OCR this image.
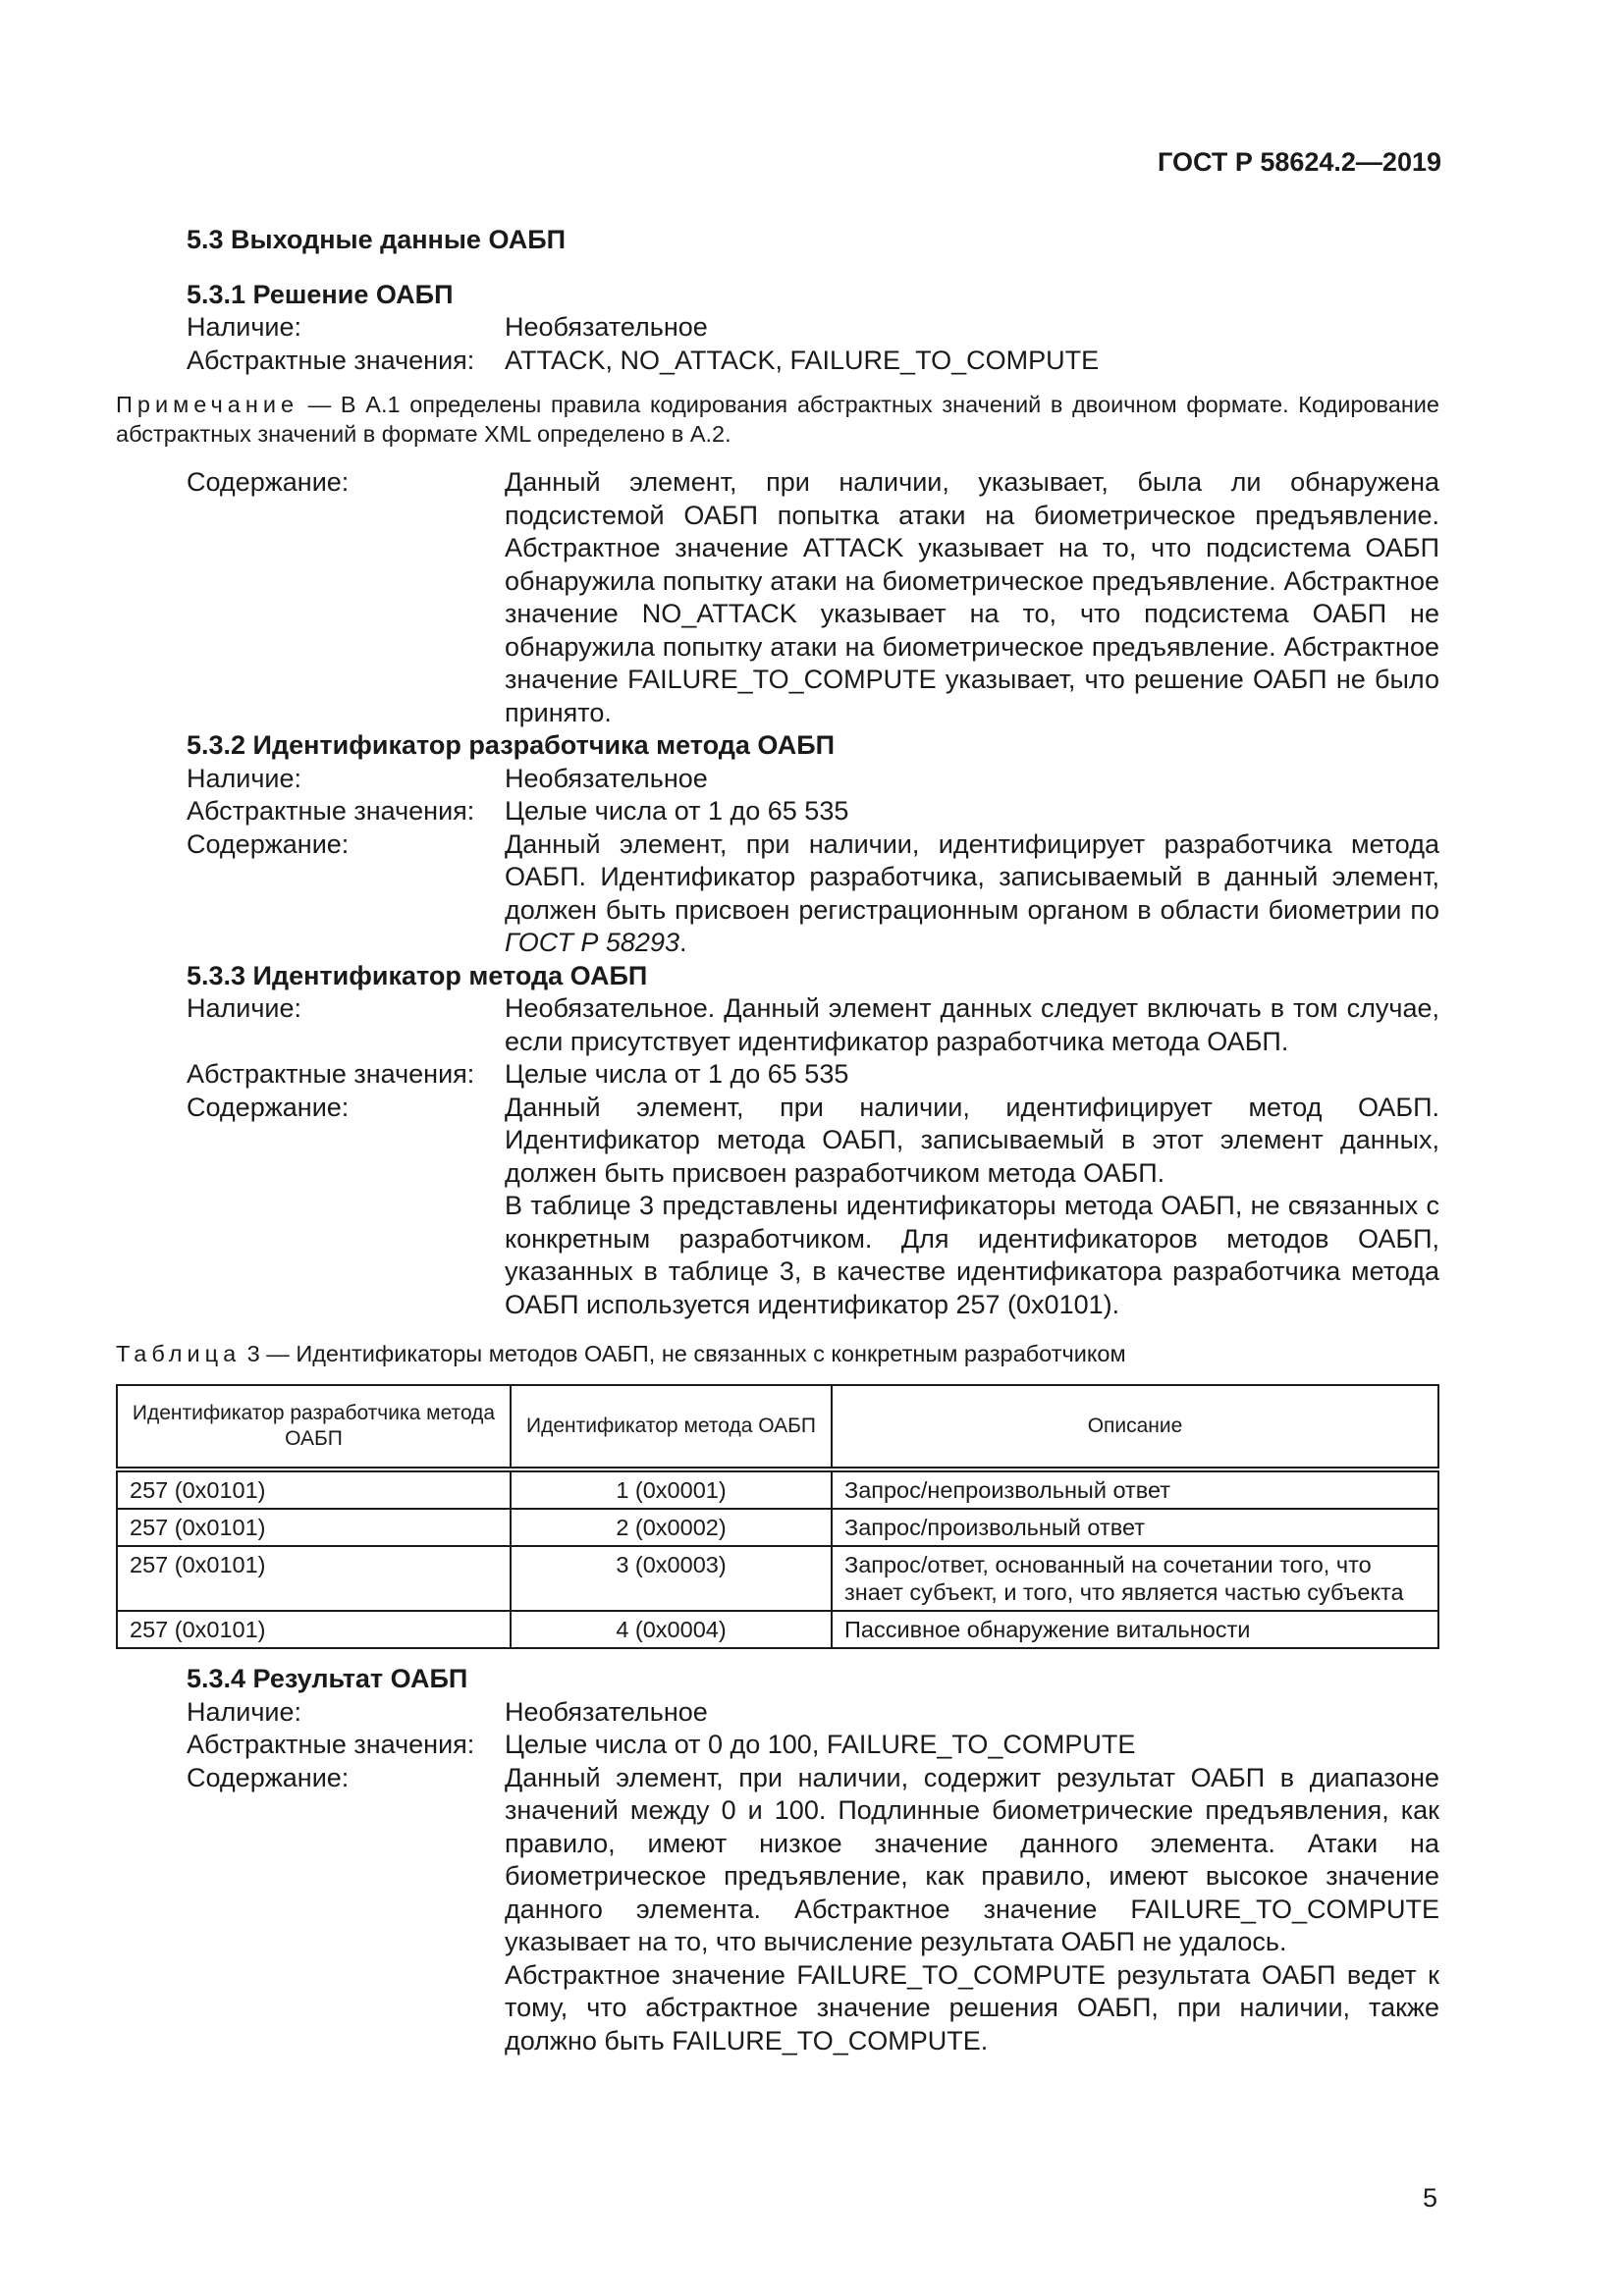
ГОСТ Р 58624.2—2019
5.3 Выходные данные ОАБП
5.3.1 Решение ОАБП
Наличие:	Необязательное
Абстрактные значения:	ATTACK, NO_ATTACK, FAILURE_TO_COMPUTE
Примечание — В А.1 определены правила кодирования абстрактных значений в двоичном формате. Кодирование абстрактных значений в формате XML определено в А.2.
Содержание:	Данный элемент, при наличии, указывает, была ли обнаружена подсистемой ОАБП попытка атаки на биометрическое предъявление. Абстрактное значение ATTACK указывает на то, что подсистема ОАБП обнаружила попытку атаки на биометрическое предъявление. Абстрактное значение NO_ATTACK указывает на то, что подсистема ОАБП не обнаружила попытку атаки на биометрическое предъявление. Абстрактное значение FAILURE_TO_COMPUTE указывает, что решение ОАБП не было принято.
5.3.2 Идентификатор разработчика метода ОАБП
Наличие:	Необязательное
Абстрактные значения:	Целые числа от 1 до 65 535
Содержание:	Данный элемент, при наличии, идентифицирует разработчика метода ОАБП. Идентификатор разработчика, записываемый в данный элемент, должен быть присвоен регистрационным органом в области биометрии по ГОСТ Р 58293.
5.3.3 Идентификатор метода ОАБП
Наличие:	Необязательное. Данный элемент данных следует включать в том случае, если присутствует идентификатор разработчика метода ОАБП.
Абстрактные значения:	Целые числа от 1 до 65 535
Содержание:	Данный элемент, при наличии, идентифицирует метод ОАБП. Идентификатор метода ОАБП, записываемый в этот элемент данных, должен быть присвоен разработчиком метода ОАБП.

В таблице 3 представлены идентификаторы метода ОАБП, не связанных с конкретным разработчиком. Для идентификаторов методов ОАБП, указанных в таблице 3, в качестве идентификатора разработчика метода ОАБП используется идентификатор 257 (0x0101).

Таблица 3 — Идентификаторы методов ОАБП, не связанных с конкретным разработчиком
Идентификатор разработчика метода ОАБП	Идентификатор метода ОАБП	Описание
257 (0x0101)	1 (0x0001)	Запрос/непроизвольный ответ
257 (0x0101)	2 (0x0002)	Запрос/произвольный ответ
257 (0x0101)	3 (0x0003)	Запрос/ответ, основанный на сочетании того, что знает субъект, и того, что является частью субъекта
257 (0x0101)	4 (0x0004)	Пассивное обнаружение витальности
5.3.4 Результат ОАБП
Наличие:	Необязательное
Абстрактные значения:	Целые числа от 0 до 100, FAILURE_TO_COMPUTE
Содержание:	Данный элемент, при наличии, содержит результат ОАБП в диапазоне значений между 0 и 100. Подлинные биометрические предъявления, как правило, имеют низкое значение данного элемента. Атаки на биометрическое предъявление, как правило, имеют высокое значение данного элемента. Абстрактное значение FAILURE_TO_COMPUTE указывает на то, что вычисление результата ОАБП не удалось.

Абстрактное значение FAILURE_TO_COMPUTE результата ОАБП ведет к тому, что абстрактное значение решения ОАБП, при наличии, также должно быть FAILURE_TO_COMPUTE.

5
